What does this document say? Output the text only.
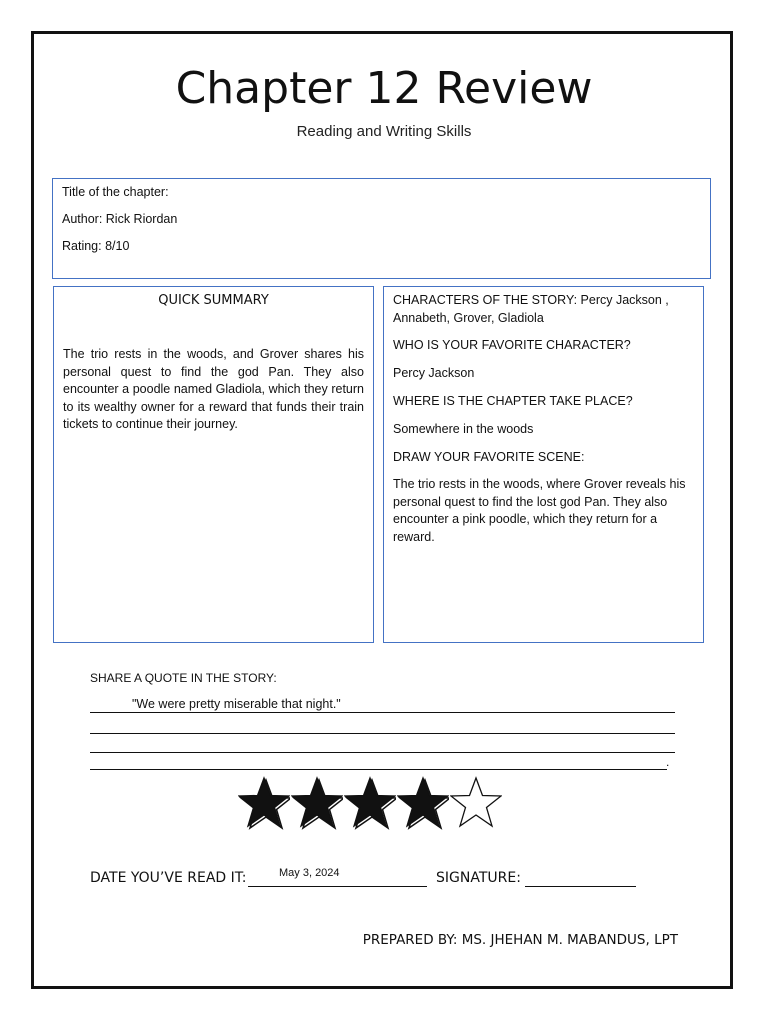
Chapter 12 Review
Reading and Writing Skills
Title of the chapter:
Author: Rick Riordan
Rating: 8/10
QUICK SUMMARY

The trio rests in the woods, and Grover shares his personal quest to find the god Pan. They also encounter a poodle named Gladiola, which they return to its wealthy owner for a reward that funds their train tickets to continue their journey.

CHARACTERS OF THE STORY: Percy Jackson , Annabeth, Grover, Gladiola

WHO IS YOUR FAVORITE CHARACTER?

Percy Jackson

WHERE IS THE CHAPTER TAKE PLACE?

Somewhere in the woods

DRAW YOUR FAVORITE SCENE:

The trio rests in the woods, where Grover reveals his personal quest to find the lost god Pan. They also encounter a pink poodle, which they return for a reward.

SHARE A QUOTE IN THE STORY:
"We were pretty miserable that night."
.
DATE YOU’VE READ IT:	May 3, 2024	SIGNATURE:
PREPARED BY: MS. JHEHAN M. MABANDUS, LPT
